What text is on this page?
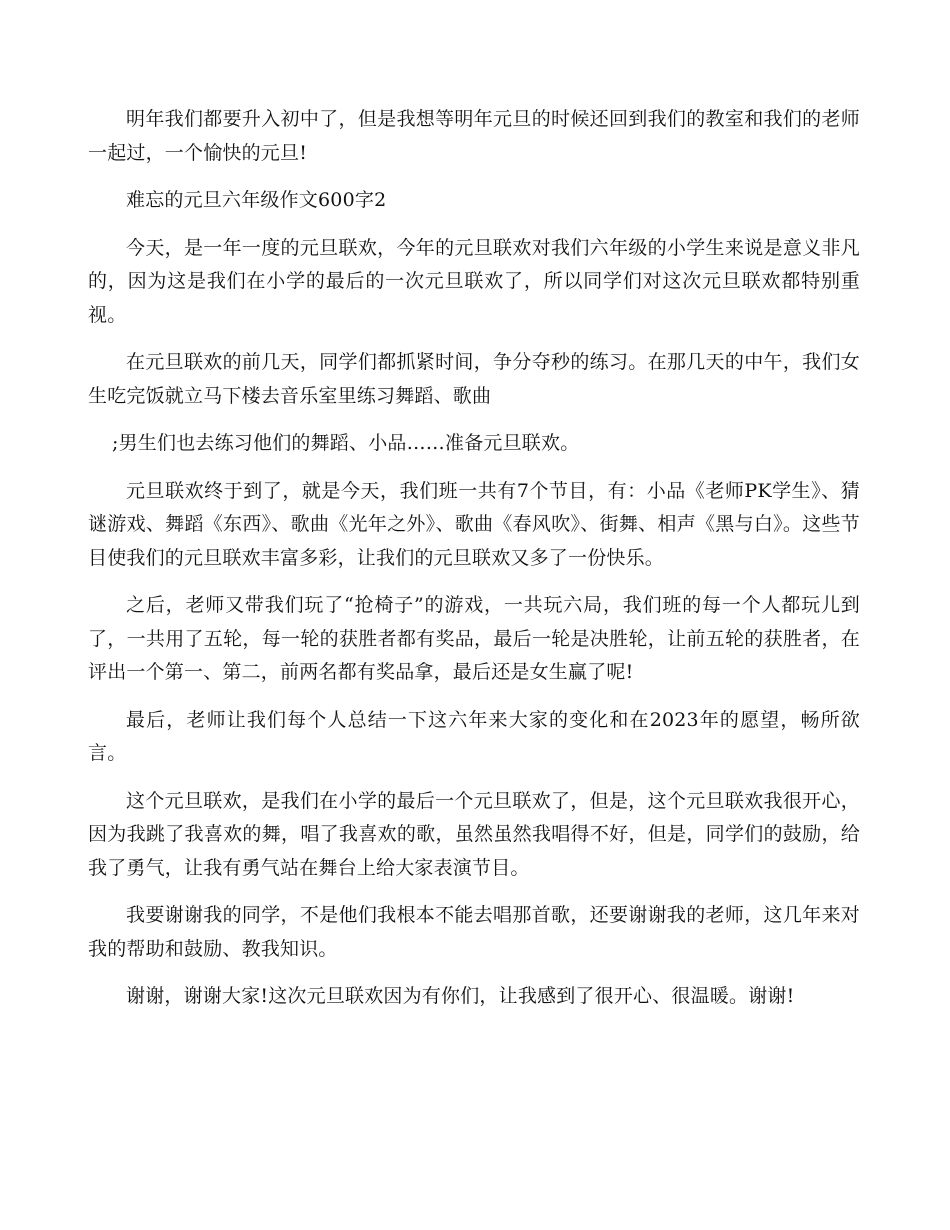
明年我们都要升入初中了，但是我想等明年元旦的时候还回到我们的教室和我们的老师一起过，一个愉快的元旦!

难忘的元旦六年级作文600字2

今天，是一年一度的元旦联欢，今年的元旦联欢对我们六年级的小学生来说是意义非凡的，因为这是我们在小学的最后的一次元旦联欢了，所以同学们对这次元旦联欢都特别重视。

在元旦联欢的前几天，同学们都抓紧时间，争分夺秒的练习。在那几天的中午，我们女生吃完饭就立马下楼去音乐室里练习舞蹈、歌曲

;男生们也去练习他们的舞蹈、小品……准备元旦联欢。

元旦联欢终于到了，就是今天，我们班一共有7个节目，有：小品《老师PK学生》、猜谜游戏、舞蹈《东西》、歌曲《光年之外》、歌曲《春风吹》、街舞、相声《黑与白》。这些节目使我们的元旦联欢丰富多彩，让我们的元旦联欢又多了一份快乐。

之后，老师又带我们玩了“抢椅子”的游戏，一共玩六局，我们班的每一个人都玩儿到了，一共用了五轮，每一轮的获胜者都有奖品，最后一轮是决胜轮，让前五轮的获胜者，在评出一个第一、第二，前两名都有奖品拿，最后还是女生赢了呢!

最后，老师让我们每个人总结一下这六年来大家的变化和在2023年的愿望，畅所欲言。

这个元旦联欢，是我们在小学的最后一个元旦联欢了，但是，这个元旦联欢我很开心，因为我跳了我喜欢的舞，唱了我喜欢的歌，虽然虽然我唱得不好，但是，同学们的鼓励，给我了勇气，让我有勇气站在舞台上给大家表演节目。

我要谢谢我的同学，不是他们我根本不能去唱那首歌，还要谢谢我的老师，这几年来对我的帮助和鼓励、教我知识。

谢谢，谢谢大家!这次元旦联欢因为有你们，让我感到了很开心、很温暖。谢谢!
